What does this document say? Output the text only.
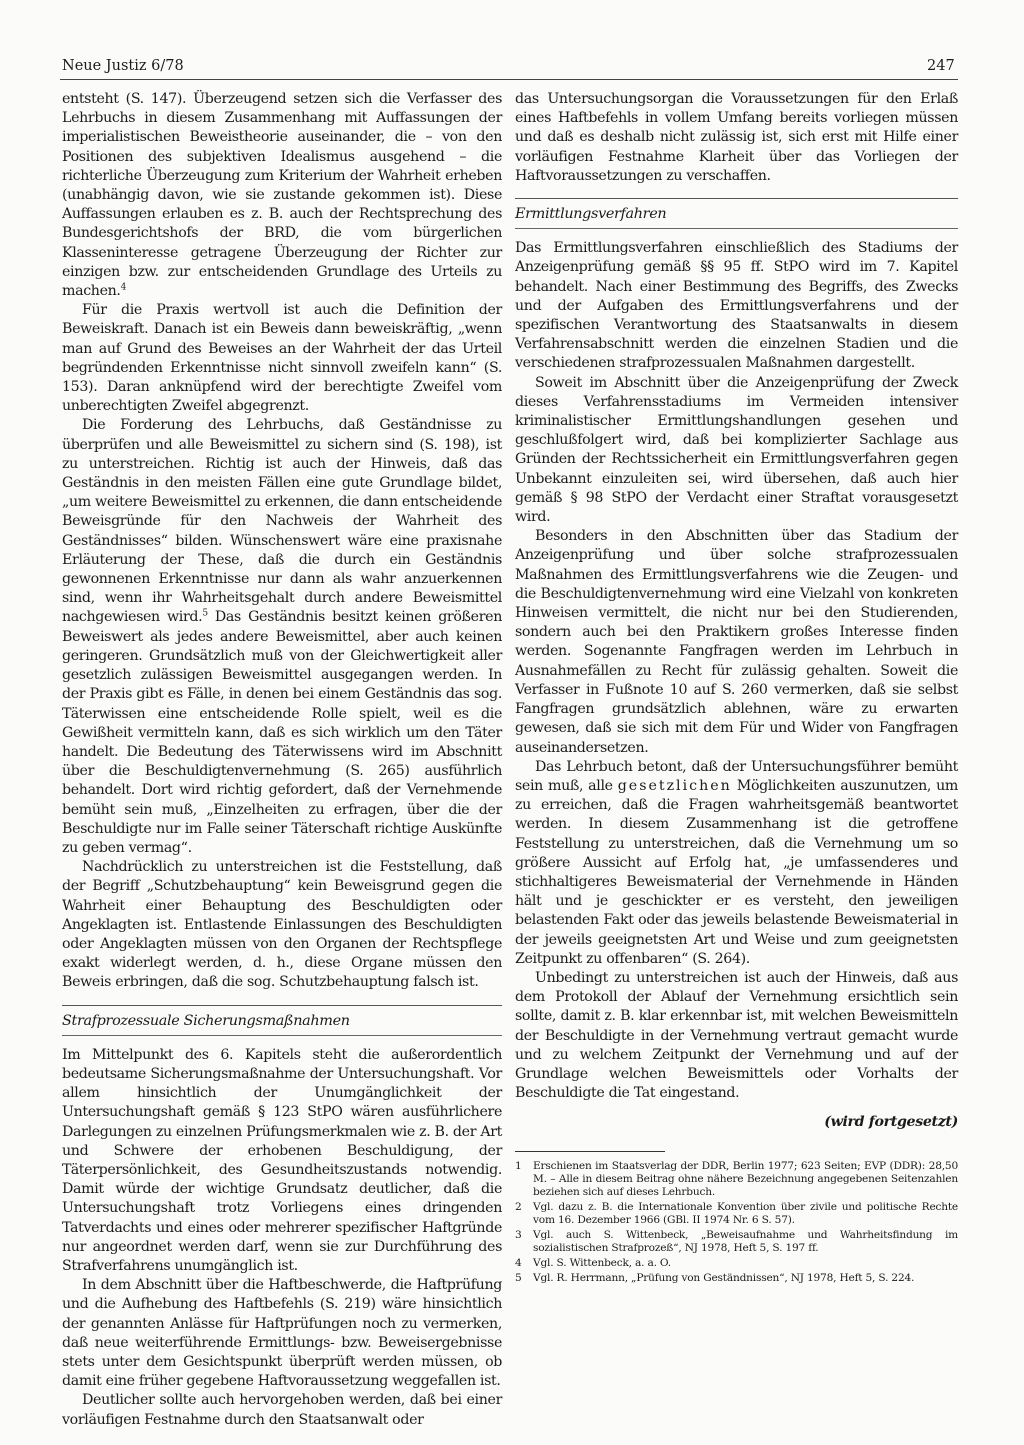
Neue Justiz 6/78	247

entsteht (S. 147). Überzeugend setzen sich die Verfasser des Lehrbuchs in diesem Zusammenhang mit Auffassungen der imperialistischen Beweistheorie auseinander, die – von den Positionen des subjektiven Idealismus ausgehend – die richterliche Überzeugung zum Kriterium der Wahrheit erheben (unabhängig davon, wie sie zustande gekommen ist). Diese Auffassungen erlauben es z. B. auch der Rechtsprechung des Bundesgerichtshofs der BRD, die vom bürgerlichen Klasseninteresse getragene Überzeugung der Richter zur einzigen bzw. zur entscheidenden Grundlage des Urteils zu machen.$^4$

Für die Praxis wertvoll ist auch die Definition der Beweiskraft. Danach ist ein Beweis dann beweiskräftig, „wenn man auf Grund des Beweises an der Wahrheit der das Urteil begründenden Erkenntnisse nicht sinnvoll zweifeln kann“ (S. 153). Daran anknüpfend wird der berechtigte Zweifel vom unberechtigten Zweifel abgegrenzt.

Die Forderung des Lehrbuchs, daß Geständnisse zu überprüfen und alle Beweismittel zu sichern sind (S. 198), ist zu unterstreichen. Richtig ist auch der Hinweis, daß das Geständnis in den meisten Fällen eine gute Grundlage bildet, „um weitere Beweismittel zu erkennen, die dann entscheidende Beweisgründe für den Nachweis der Wahrheit des Geständnisses“ bilden. Wünschenswert wäre eine praxisnahe Erläuterung der These, daß die durch ein Geständnis gewonnenen Erkenntnisse nur dann als wahr anzuerkennen sind, wenn ihr Wahrheitsgehalt durch andere Beweismittel nachgewiesen wird.$^5$ Das Geständnis besitzt keinen größeren Beweiswert als jedes andere Beweismittel, aber auch keinen geringeren. Grundsätzlich muß von der Gleichwertigkeit aller gesetzlich zulässigen Beweismittel ausgegangen werden. In der Praxis gibt es Fälle, in denen bei einem Geständnis das sog. Täterwissen eine entscheidende Rolle spielt, weil es die Gewißheit vermitteln kann, daß es sich wirklich um den Täter handelt. Die Bedeutung des Täterwissens wird im Abschnitt über die Beschuldigtenvernehmung (S. 265) ausführlich behandelt. Dort wird richtig gefordert, daß der Vernehmende bemüht sein muß, „Einzelheiten zu erfragen, über die der Beschuldigte nur im Falle seiner Täterschaft richtige Auskünfte zu geben vermag“.

Nachdrücklich zu unterstreichen ist die Feststellung, daß der Begriff „Schutzbehauptung“ kein Beweisgrund gegen die Wahrheit einer Behauptung des Beschuldigten oder Angeklagten ist. Entlastende Einlassungen des Beschuldigten oder Angeklagten müssen von den Organen der Rechtspflege exakt widerlegt werden, d. h., diese Organe müssen den Beweis erbringen, daß die sog. Schutzbehauptung falsch ist.

Strafprozessuale Sicherungsmaßnahmen

Im Mittelpunkt des 6. Kapitels steht die außerordentlich bedeutsame Sicherungsmaßnahme der Untersuchungshaft. Vor allem hinsichtlich der Unumgänglichkeit der Untersuchungshaft gemäß § 123 StPO wären ausführlichere Darlegungen zu einzelnen Prüfungsmerkmalen wie z. B. der Art und Schwere der erhobenen Beschuldigung, der Täterpersönlichkeit, des Gesundheitszustands notwendig. Damit würde der wichtige Grundsatz deutlicher, daß die Untersuchungshaft trotz Vorliegens eines dringenden Tatverdachts und eines oder mehrerer spezifischer Haftgründe nur angeordnet werden darf, wenn sie zur Durchführung des Strafverfahrens unumgänglich ist.

In dem Abschnitt über die Haftbeschwerde, die Haftprüfung und die Aufhebung des Haftbefehls (S. 219) wäre hinsichtlich der genannten Anlässe für Haftprüfungen noch zu vermerken, daß neue weiterführende Ermittlungs- bzw. Beweisergebnisse stets unter dem Gesichtspunkt überprüft werden müssen, ob damit eine früher gegebene Haftvoraussetzung weggefallen ist.

Deutlicher sollte auch hervorgehoben werden, daß bei einer vorläufigen Festnahme durch den Staatsanwalt oder

das Untersuchungsorgan die Voraussetzungen für den Erlaß eines Haftbefehls in vollem Umfang bereits vorliegen müssen und daß es deshalb nicht zulässig ist, sich erst mit Hilfe einer vorläufigen Festnahme Klarheit über das Vorliegen der Haftvoraussetzungen zu verschaffen.

Ermittlungsverfahren

Das Ermittlungsverfahren einschließlich des Stadiums der Anzeigenprüfung gemäß §§ 95 ff. StPO wird im 7. Kapitel behandelt. Nach einer Bestimmung des Begriffs, des Zwecks und der Aufgaben des Ermittlungsverfahrens und der spezifischen Verantwortung des Staatsanwalts in diesem Verfahrensabschnitt werden die einzelnen Stadien und die verschiedenen strafprozessualen Maßnahmen dargestellt.

Soweit im Abschnitt über die Anzeigenprüfung der Zweck dieses Verfahrensstadiums im Vermeiden intensiver kriminalistischer Ermittlungshandlungen gesehen und geschlußfolgert wird, daß bei komplizierter Sachlage aus Gründen der Rechtssicherheit ein Ermittlungsverfahren gegen Unbekannt einzuleiten sei, wird übersehen, daß auch hier gemäß § 98 StPO der Verdacht einer Straftat vorausgesetzt wird.

Besonders in den Abschnitten über das Stadium der Anzeigenprüfung und über solche strafprozessualen Maßnahmen des Ermittlungsverfahrens wie die Zeugen- und die Beschuldigtenvernehmung wird eine Vielzahl von konkreten Hinweisen vermittelt, die nicht nur bei den Studierenden, sondern auch bei den Praktikern großes Interesse finden werden. Sogenannte Fangfragen werden im Lehrbuch in Ausnahmefällen zu Recht für zulässig gehalten. Soweit die Verfasser in Fußnote 10 auf S. 260 vermerken, daß sie selbst Fangfragen grundsätzlich ablehnen, wäre zu erwarten gewesen, daß sie sich mit dem Für und Wider von Fangfragen auseinandersetzen.

Das Lehrbuch betont, daß der Untersuchungsführer bemüht sein muß, alle gesetzlichen Möglichkeiten auszunutzen, um zu erreichen, daß die Fragen wahrheitsgemäß beantwortet werden. In diesem Zusammenhang ist die getroffene Feststellung zu unterstreichen, daß die Vernehmung um so größere Aussicht auf Erfolg hat, „je umfassenderes und stichhaltigeres Beweismaterial der Vernehmende in Händen hält und je geschickter er es versteht, den jeweiligen belastenden Fakt oder das jeweils belastende Beweismaterial in der jeweils geeignetsten Art und Weise und zum geeignetsten Zeitpunkt zu offenbaren“ (S. 264).

Unbedingt zu unterstreichen ist auch der Hinweis, daß aus dem Protokoll der Ablauf der Vernehmung ersichtlich sein sollte, damit z. B. klar erkennbar ist, mit welchen Beweismitteln der Beschuldigte in der Vernehmung vertraut gemacht wurde und zu welchem Zeitpunkt der Vernehmung und auf der Grundlage welchen Beweismittels oder Vorhalts der Beschuldigte die Tat eingestand.

(wird fortgesetzt)
1	Erschienen im Staatsverlag der DDR, Berlin 1977; 623 Seiten; EVP (DDR): 28,50 M. – Alle in diesem Beitrag ohne nähere Bezeichnung angegebenen Seitenzahlen beziehen sich auf dieses Lehrbuch.
2	Vgl. dazu z. B. die Internationale Konvention über zivile und politische Rechte vom 16. Dezember 1966 (GBl. II 1974 Nr. 6 S. 57).
3	Vgl. auch S. Wittenbeck, „Beweisaufnahme und Wahrheitsfindung im sozialistischen Strafprozeß“, NJ 1978, Heft 5, S. 197 ff.
4	Vgl. S. Wittenbeck, a. a. O.
5	Vgl. R. Herrmann, „Prüfung von Geständnissen“, NJ 1978, Heft 5, S. 224.
